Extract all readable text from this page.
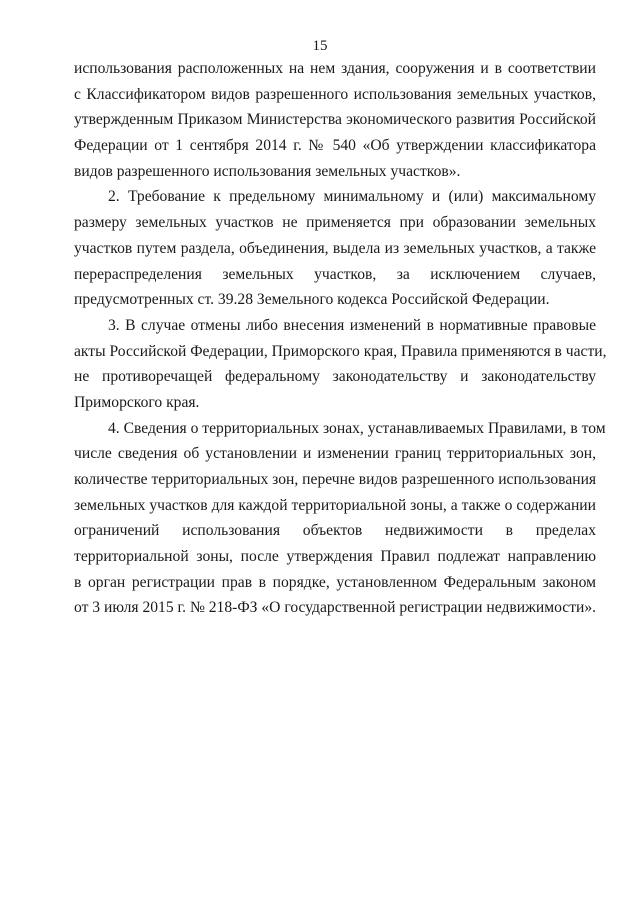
15
использования расположенных на нем здания, сооружения и в соответствии
с Классификатором видов разрешенного использования земельных участков,
утвержденным Приказом Министерства экономического развития Российской
Федерации от 1 сентября 2014 г. № 540 «Об утверждении классификатора
видов разрешенного использования земельных участков».
2. Требование к предельному минимальному и (или) максимальному
размеру земельных участков не применяется при образовании земельных
участков путем раздела, объединения, выдела из земельных участков, а также
перераспределения земельных участков, за исключением случаев,
предусмотренных ст. 39.28 Земельного кодекса Российской Федерации.
3. В случае отмены либо внесения изменений в нормативные правовые
акты Российской Федерации, Приморского края, Правила применяются в части,
не противоречащей федеральному законодательству и законодательству
Приморского края.
4. Сведения о территориальных зонах, устанавливаемых Правилами, в том
числе сведения об установлении и изменении границ территориальных зон,
количестве территориальных зон, перечне видов разрешенного использования
земельных участков для каждой территориальной зоны, а также о содержании
ограничений использования объектов недвижимости в пределах
территориальной зоны, после утверждения Правил подлежат направлению
в орган регистрации прав в порядке, установленном Федеральным законом
от 3 июля 2015 г. № 218-ФЗ «О государственной регистрации недвижимости».
